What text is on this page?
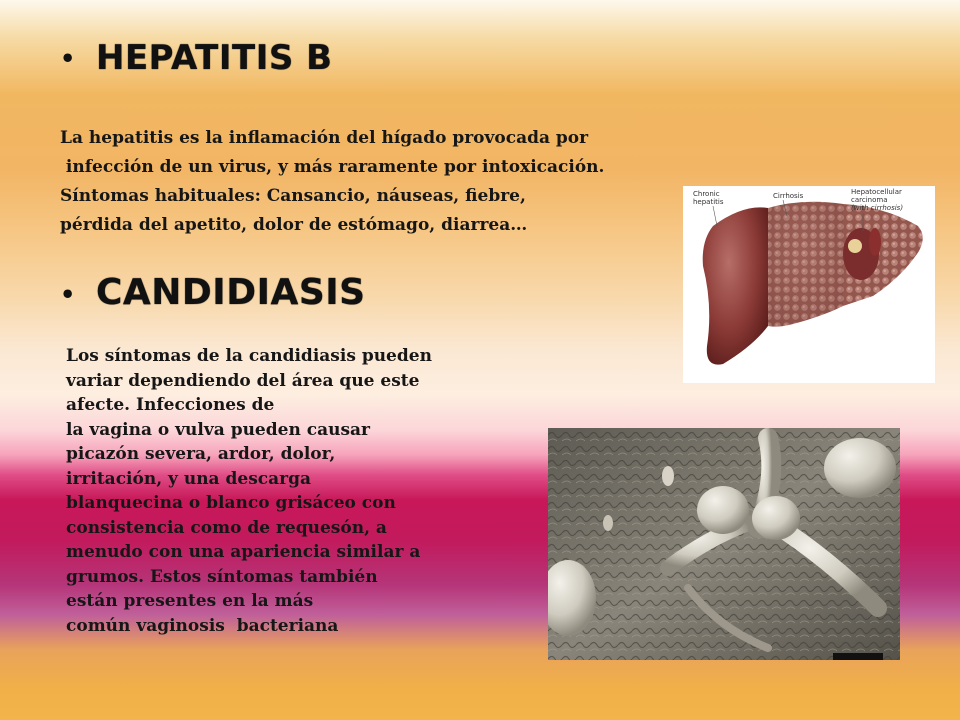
• HEPATITIS B
La hepatitis es la inflamación del hígado provocada por
infección de un virus, y más raramente por intoxicación.
Síntomas habituales: Cansancio, náuseas, fiebre,
pérdida del apetito, dolor de estómago, diarrea…
• CANDIDIASIS
Los síntomas de la candidiasis pueden
variar dependiendo del área que este
afecte. Infecciones de
la vagina o vulva pueden causar
picazón severa, ardor, dolor,
irritación, y una descarga
blanquecina o blanco grisáceo con
consistencia como de requesón, a
menudo con una apariencia similar a
grumos. Estos síntomas también
están presentes en la más
común vaginosis  bacteriana
Chronic
hepatitis
Cirrhosis	Hepatocellular
carcinoma
(with cirrhosis)
